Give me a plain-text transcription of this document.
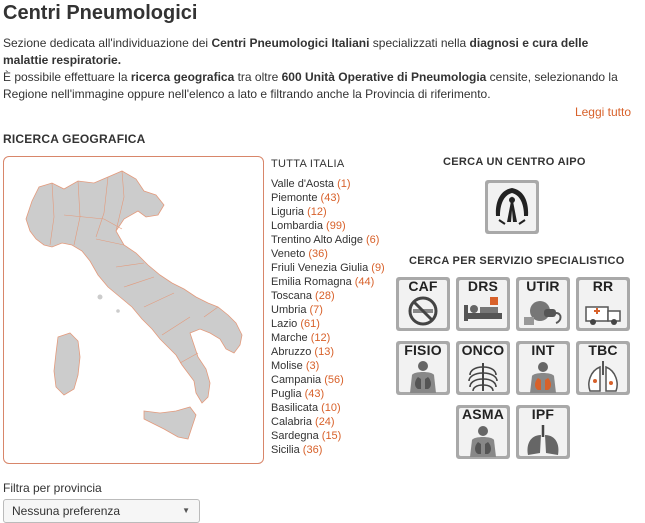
Centri Pneumologici
Sezione dedicata all'individuazione dei Centri Pneumologici Italiani specializzati nella diagnosi e cura delle malattie respiratorie.
È possibile effettuare la ricerca geografica tra oltre 600 Unità Operative di Pneumologia censite, selezionando la Regione nell'immagine oppure nell'elenco a lato e filtrando anche la Provincia di riferimento.
Leggi tutto
RICERCA GEOGRAFICA
TUTTA ITALIA
Valle d'Aosta (1)
Piemonte (43)
Liguria (12)
Lombardia (99)
Trentino Alto Adige (6)
Veneto (36)
Friuli Venezia Giulia (9)
Emilia Romagna (44)
Toscana (28)
Umbria (7)
Lazio (61)
Marche (12)
Abruzzo (13)
Molise (3)
Campania (56)
Puglia (43)
Basilicata (10)
Calabria (24)
Sardegna (15)
Sicilia (36)
CERCA UN CENTRO AIPO
CERCA PER SERVIZIO SPECIALISTICO
CAF	DRS	UTIR	RR
FISIO	ONCO	INT	TBC
ASMA	IPF
Filtra per provincia
Nessuna preferenza	▼
